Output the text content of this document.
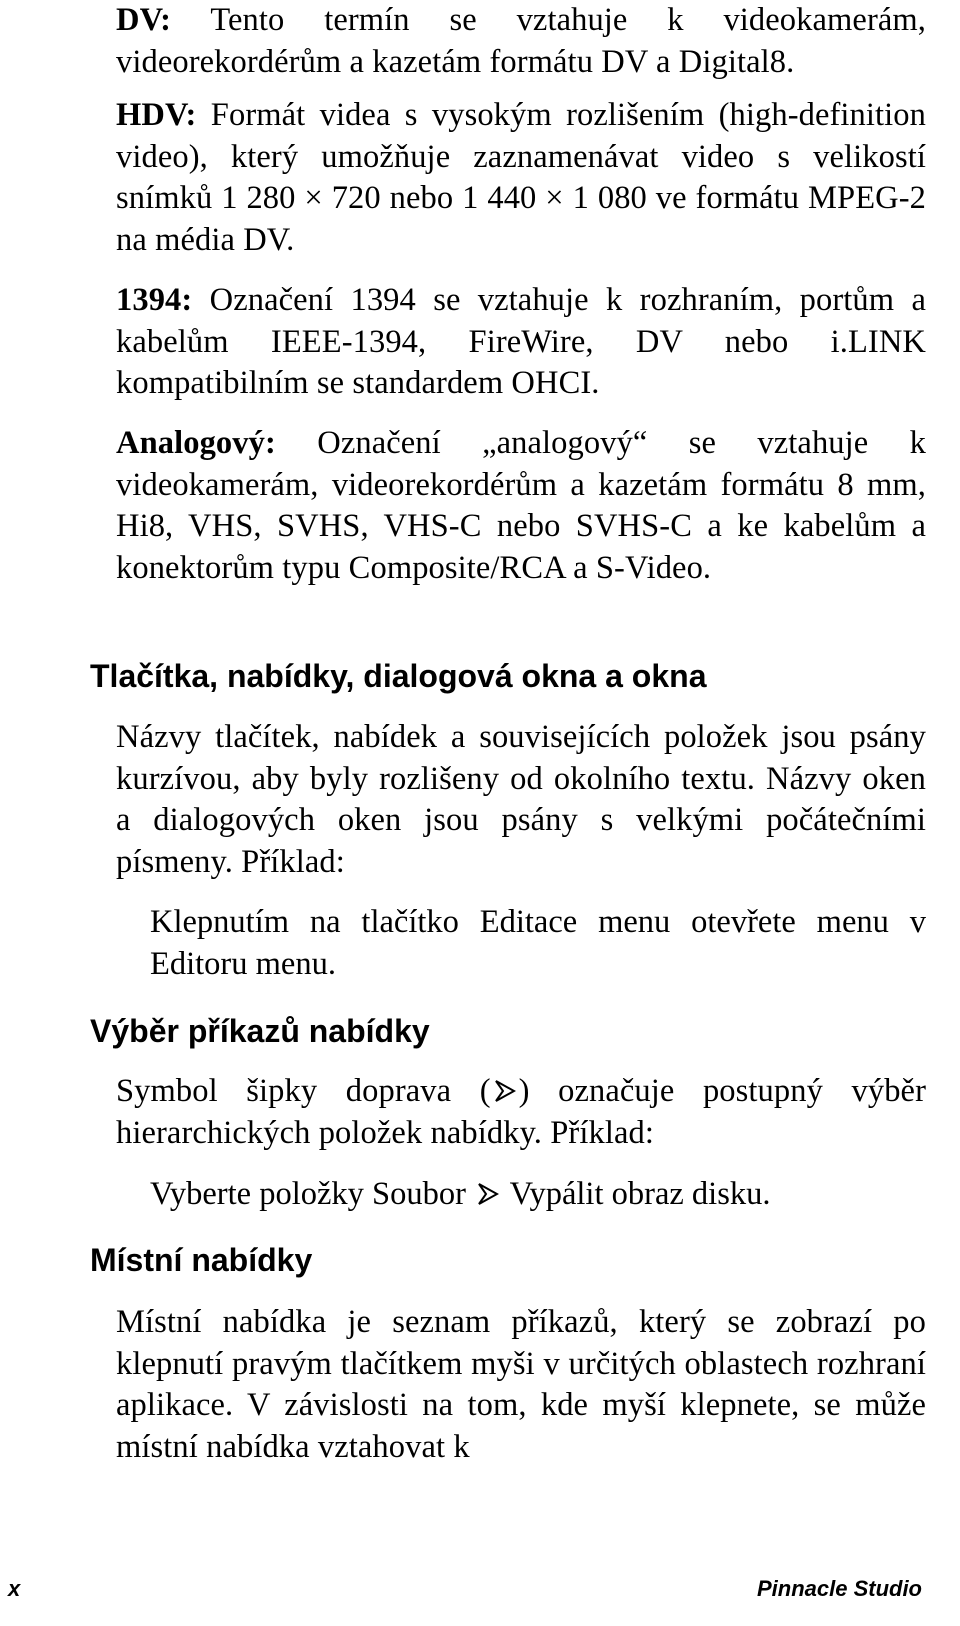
DV: Tento termín se vztahuje k videokamerám, videorekordérům a kazetám formátu DV a Digital8.

HDV: Formát videa s vysokým rozlišením (high-definition video), který umožňuje zaznamenávat video s velikostí snímků 1 280 × 720 nebo 1 440 × 1 080 ve formátu MPEG-2 na média DV.

1394: Označení 1394 se vztahuje k rozhraním, portům a kabelům IEEE-1394, FireWire, DV nebo i.LINK kompatibilním se standardem OHCI.

Analogový: Označení „analogový“ se vztahuje k videokamerám, videorekordérům a kazetám formátu 8 mm, Hi8, VHS, SVHS, VHS-C nebo SVHS-C a ke kabelům a konektorům typu Composite/RCA a S-Video.

Tlačítka, nabídky, dialogová okna a okna

Názvy tlačítek, nabídek a souvisejících položek jsou psány kurzívou, aby byly rozlišeny od okolního textu. Názvy oken a dialogových oken jsou psány s velkými počátečními písmeny. Příklad:

Klepnutím na tlačítko Editace menu otevřete menu v Editoru menu.

Výběr příkazů nabídky

Symbol šipky doprava ( ) označuje postupný výběr hierarchických položek nabídky. Příklad:

Vyberte položky Soubor Vypálit obraz disku.

Místní nabídky

Místní nabídka je seznam příkazů, který se zobrazí po klepnutí pravým tlačítkem myši v určitých oblastech rozhraní aplikace. V závislosti na tom, kde myší klepnete, se může místní nabídka vztahovat k

x	Pinnacle Studio
